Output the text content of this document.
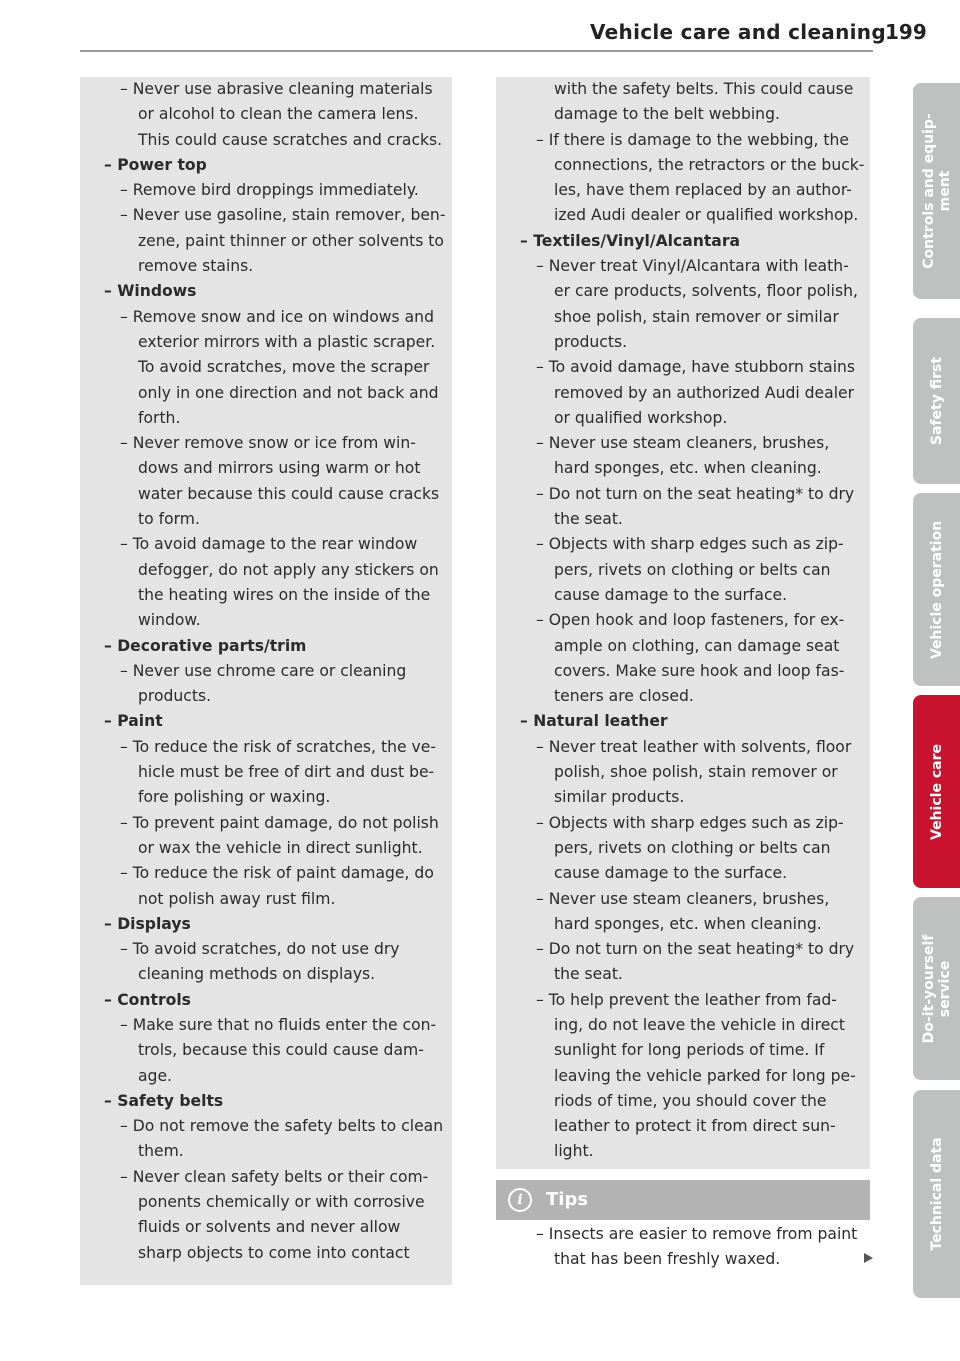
Vehicle care and cleaning 199
– Never use abrasive cleaning materials
or alcohol to clean the camera lens.
This could cause scratches and cracks.
– Power top
– Remove bird droppings immediately.
– Never use gasoline, stain remover, ben-
zene, paint thinner or other solvents to
remove stains.
– Windows
– Remove snow and ice on windows and
exterior mirrors with a plastic scraper.
To avoid scratches, move the scraper
only in one direction and not back and
forth.
– Never remove snow or ice from win-
dows and mirrors using warm or hot
water because this could cause cracks
to form.
– To avoid damage to the rear window
defogger, do not apply any stickers on
the heating wires on the inside of the
window.
– Decorative parts/trim
– Never use chrome care or cleaning
products.
– Paint
– To reduce the risk of scratches, the ve-
hicle must be free of dirt and dust be-
fore polishing or waxing.
– To prevent paint damage, do not polish
or wax the vehicle in direct sunlight.
– To reduce the risk of paint damage, do
not polish away rust film.
– Displays
– To avoid scratches, do not use dry
cleaning methods on displays.
– Controls
– Make sure that no fluids enter the con-
trols, because this could cause dam-
age.
– Safety belts
– Do not remove the safety belts to clean
them.
– Never clean safety belts or their com-
ponents chemically or with corrosive
fluids or solvents and never allow
sharp objects to come into contact
with the safety belts. This could cause
damage to the belt webbing.
– If there is damage to the webbing, the
connections, the retractors or the buck-
les, have them replaced by an author-
ized Audi dealer or qualified workshop.
– Textiles/Vinyl/Alcantara
– Never treat Vinyl/Alcantara with leath-
er care products, solvents, floor polish,
shoe polish, stain remover or similar
products.
– To avoid damage, have stubborn stains
removed by an authorized Audi dealer
or qualified workshop.
– Never use steam cleaners, brushes,
hard sponges, etc. when cleaning.
– Do not turn on the seat heating* to dry
the seat.
– Objects with sharp edges such as zip-
pers, rivets on clothing or belts can
cause damage to the surface.
– Open hook and loop fasteners, for ex-
ample on clothing, can damage seat
covers. Make sure hook and loop fas-
teners are closed.
– Natural leather
– Never treat leather with solvents, floor
polish, shoe polish, stain remover or
similar products.
– Objects with sharp edges such as zip-
pers, rivets on clothing or belts can
cause damage to the surface.
– Never use steam cleaners, brushes,
hard sponges, etc. when cleaning.
– Do not turn on the seat heating* to dry
the seat.
– To help prevent the leather from fad-
ing, do not leave the vehicle in direct
sunlight for long periods of time. If
leaving the vehicle parked for long pe-
riods of time, you should cover the
leather to protect it from direct sun-
light.
i	Tips
– Insects are easier to remove from paint
that has been freshly waxed.
Controls and equip- ment
Safety first
Vehicle operation
Vehicle care
Do-it-yourself service
Technical data
